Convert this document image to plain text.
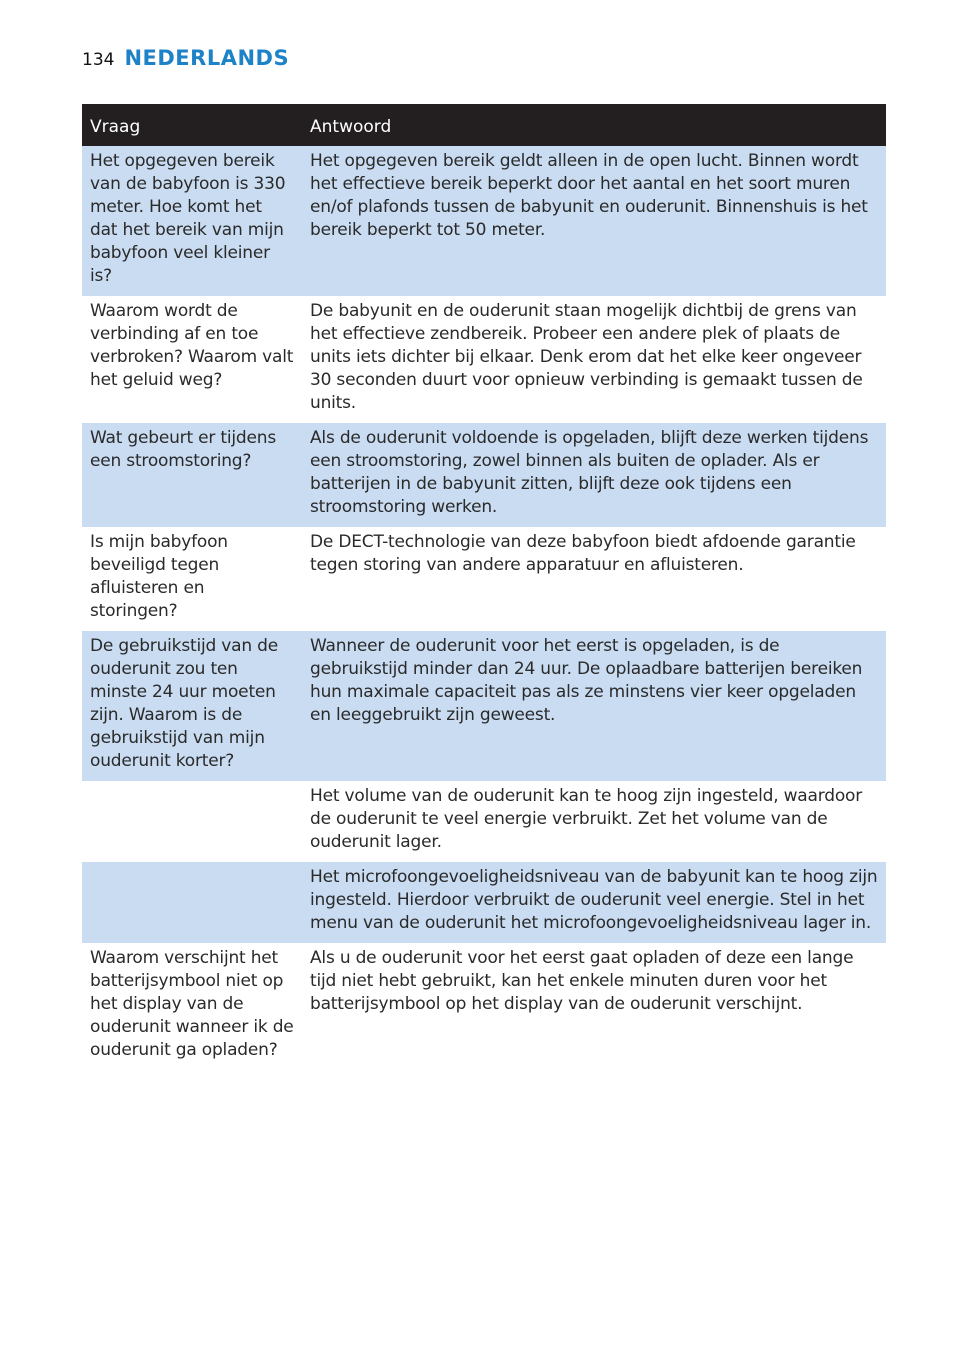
134 NEDERLANDS
Vraag	Antwoord
Het opgegeven bereik van de babyfoon is 330 meter. Hoe komt het dat het bereik van mijn babyfoon veel kleiner is?	Het opgegeven bereik geldt alleen in de open lucht. Binnen wordt het effectieve bereik beperkt door het aantal en het soort muren en/of plafonds tussen de babyunit en ouderunit. Binnenshuis is het bereik beperkt tot 50 meter.
Waarom wordt de verbinding af en toe verbroken? Waarom valt het geluid weg?	De babyunit en de ouderunit staan mogelijk dichtbij de grens van het effectieve zendbereik. Probeer een andere plek of plaats de units iets dichter bij elkaar. Denk erom dat het elke keer ongeveer 30 seconden duurt voor opnieuw verbinding is gemaakt tussen de units.
Wat gebeurt er tijdens een stroomstoring?	Als de ouderunit voldoende is opgeladen, blijft deze werken tijdens een stroomstoring, zowel binnen als buiten de oplader. Als er batterijen in de babyunit zitten, blijft deze ook tijdens een stroomstoring werken.
Is mijn babyfoon beveiligd tegen afluisteren en storingen?	De DECT-technologie van deze babyfoon biedt afdoende garantie tegen storing van andere apparatuur en afluisteren.
De gebruikstijd van de ouderunit zou ten minste 24 uur moeten zijn. Waarom is de gebruikstijd van mijn ouderunit korter?	Wanneer de ouderunit voor het eerst is opgeladen, is de gebruikstijd minder dan 24 uur. De oplaadbare batterijen bereiken hun maximale capaciteit pas als ze minstens vier keer opgeladen en leeggebruikt zijn geweest.
	Het volume van de ouderunit kan te hoog zijn ingesteld, waardoor de ouderunit te veel energie verbruikt. Zet het volume van de ouderunit lager.
	Het microfoongevoeligheidsniveau van de babyunit kan te hoog zijn ingesteld. Hierdoor verbruikt de ouderunit veel energie. Stel in het menu van de ouderunit het microfoongevoeligheidsniveau lager in.
Waarom verschijnt het batterijsymbool niet op het display van de ouderunit wanneer ik de ouderunit ga opladen?	Als u de ouderunit voor het eerst gaat opladen of deze een lange tijd niet hebt gebruikt, kan het enkele minuten duren voor het batterijsymbool op het display van de ouderunit verschijnt.
